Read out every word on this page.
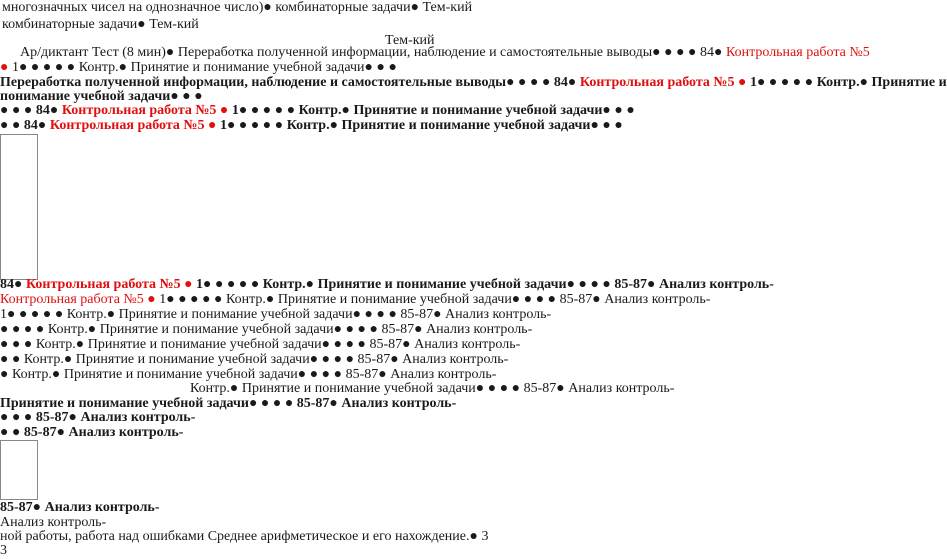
многозначных чисел на однозначное число)● комбинаторные задачи● Тем-кий
комбинаторные задачи● Тем-кий
Тем-кий
Ар/диктант Тест (8 мин)● Переработка полученной информации, наблюдение и самостоятельные выводы● ● ● ● 84● Контрольная работа №5
● 1● ● ● ● ● Контр.● Принятие и понимание учебной задачи● ● ●
Переработка полученной информации, наблюдение и самостоятельные выводы● ● ● ● 84● Контрольная работа №5 ● 1● ● ● ● ● Контр.● Принятие и
понимание учебной задачи● ● ●
● ● ● 84● Контрольная работа №5 ● 1● ● ● ● ● Контр.● Принятие и понимание учебной задачи● ● ●
● ● 84● Контрольная работа №5 ● 1● ● ● ● ● Контр.● Принятие и понимание учебной задачи● ● ●
84● Контрольная работа №5 ● 1● ● ● ● ● Контр.● Принятие и понимание учебной задачи● ● ● ● 85-87● Анализ контроль-
Контрольная работа №5 ● 1● ● ● ● ● Контр.● Принятие и понимание учебной задачи● ● ● ● 85-87● Анализ контроль-
1● ● ● ● ● Контр.● Принятие и понимание учебной задачи● ● ● ● 85-87● Анализ контроль-
● ● ● ● Контр.● Принятие и понимание учебной задачи● ● ● ● 85-87● Анализ контроль-
● ● ● Контр.● Принятие и понимание учебной задачи● ● ● ● 85-87● Анализ контроль-
● ● Контр.● Принятие и понимание учебной задачи● ● ● ● 85-87● Анализ контроль-
● Контр.● Принятие и понимание учебной задачи● ● ● ● 85-87● Анализ контроль-
Контр.● Принятие и понимание учебной задачи● ● ● ● 85-87● Анализ контроль-
Принятие и понимание учебной задачи● ● ● ● 85-87● Анализ контроль-
● ● ● 85-87● Анализ контроль-
● ● 85-87● Анализ контроль-
85-87● Анализ контроль-
Анализ контроль-
ной работы, работа над ошибками Среднее арифметическое и его нахождение.● 3
3
